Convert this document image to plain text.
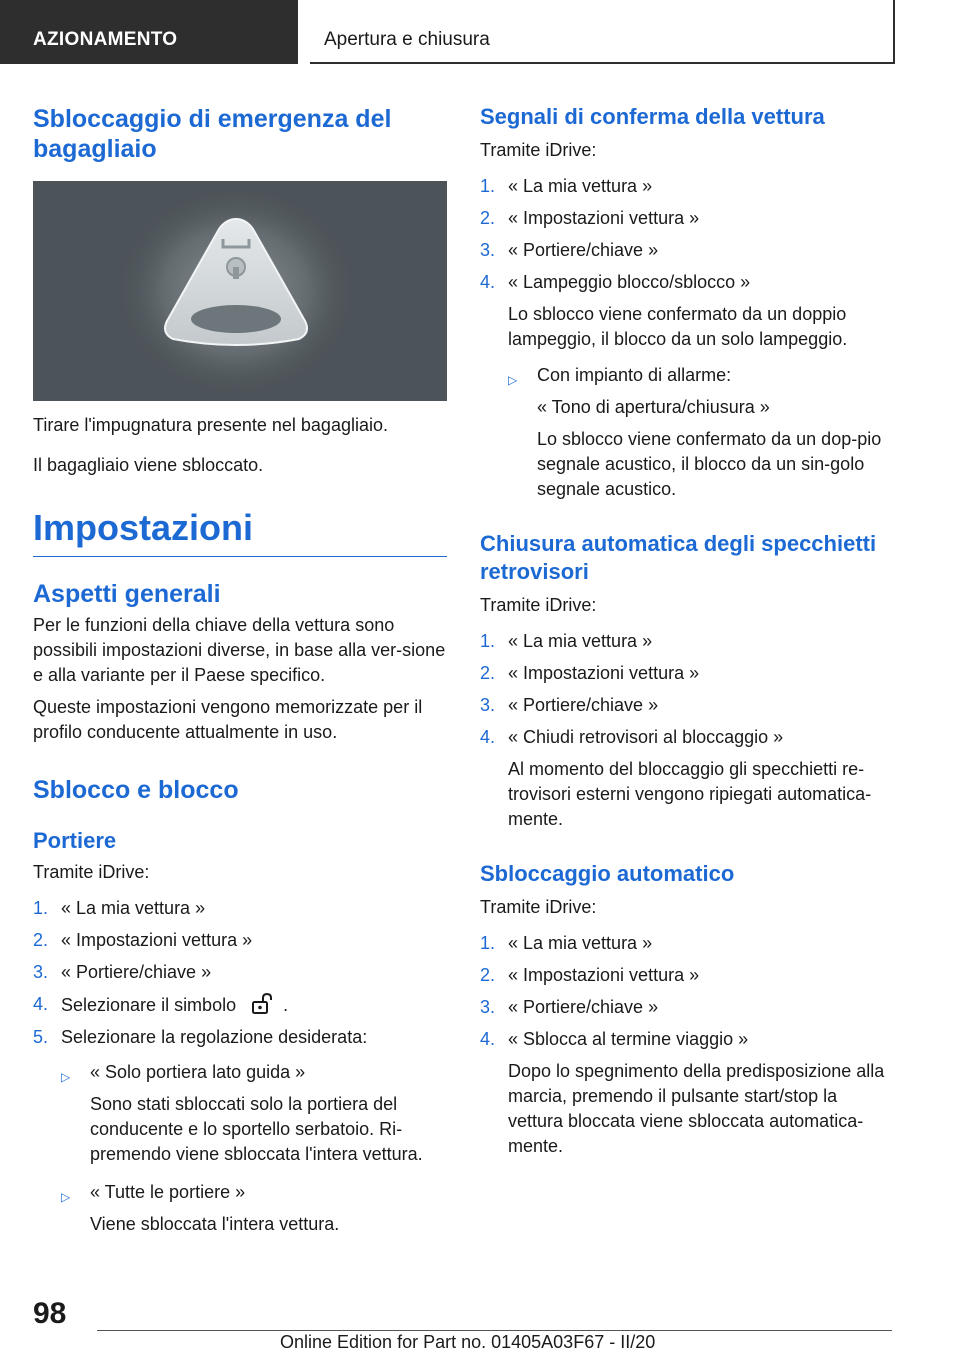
AZIONAMENTO	Apertura e chiusura
Sbloccaggio di emergenza del bagagliaio

Tirare l'impugnatura presente nel bagagliaio.

Il bagagliaio viene sbloccato.

Impostazioni
Aspetti generali

Per le funzioni della chiave della vettura sono possibili impostazioni diverse, in base alla ver-sione e alla variante per il Paese specifico.

Queste impostazioni vengono memorizzate per il profilo conducente attualmente in uso.

Sblocco e blocco
Portiere

Tramite iDrive:

1. « La mia vettura »
2. « Impostazioni vettura »
3. « Portiere/chiave »
4. Selezionare il simbolo	.
5. Selezionare la regolazione desiderata:
▷ « Solo portiera lato guida »
Sono stati sbloccati solo la portiera del conducente e lo sportello serbatoio. Ri-premendo viene sbloccata l'intera vettura.
▷ « Tutte le portiere »
Viene sbloccata l'intera vettura.
Segnali di conferma della vettura

Tramite iDrive:

1. « La mia vettura »
2. « Impostazioni vettura »
3. « Portiere/chiave »
4. « Lampeggio blocco/sblocco »
Lo sblocco viene confermato da un doppio lampeggio, il blocco da un solo lampeggio.
▷ Con impianto di allarme:
« Tono di apertura/chiusura »
Lo sblocco viene confermato da un dop-pio segnale acustico, il blocco da un sin-golo segnale acustico.
Chiusura automatica degli specchietti retrovisori

Tramite iDrive:

1. « La mia vettura »
2. « Impostazioni vettura »
3. « Portiere/chiave »
4. « Chiudi retrovisori al bloccaggio »
Al momento del bloccaggio gli specchietti re-trovisori esterni vengono ripiegati automatica-mente.
Sbloccaggio automatico

Tramite iDrive:

1. « La mia vettura »
2. « Impostazioni vettura »
3. « Portiere/chiave »
4. « Sblocca al termine viaggio »
Dopo lo spegnimento della predisposizione alla marcia, premendo il pulsante start/stop la vettura bloccata viene sbloccata automatica-mente.
98
Online Edition for Part no. 01405A03F67 - II/20
